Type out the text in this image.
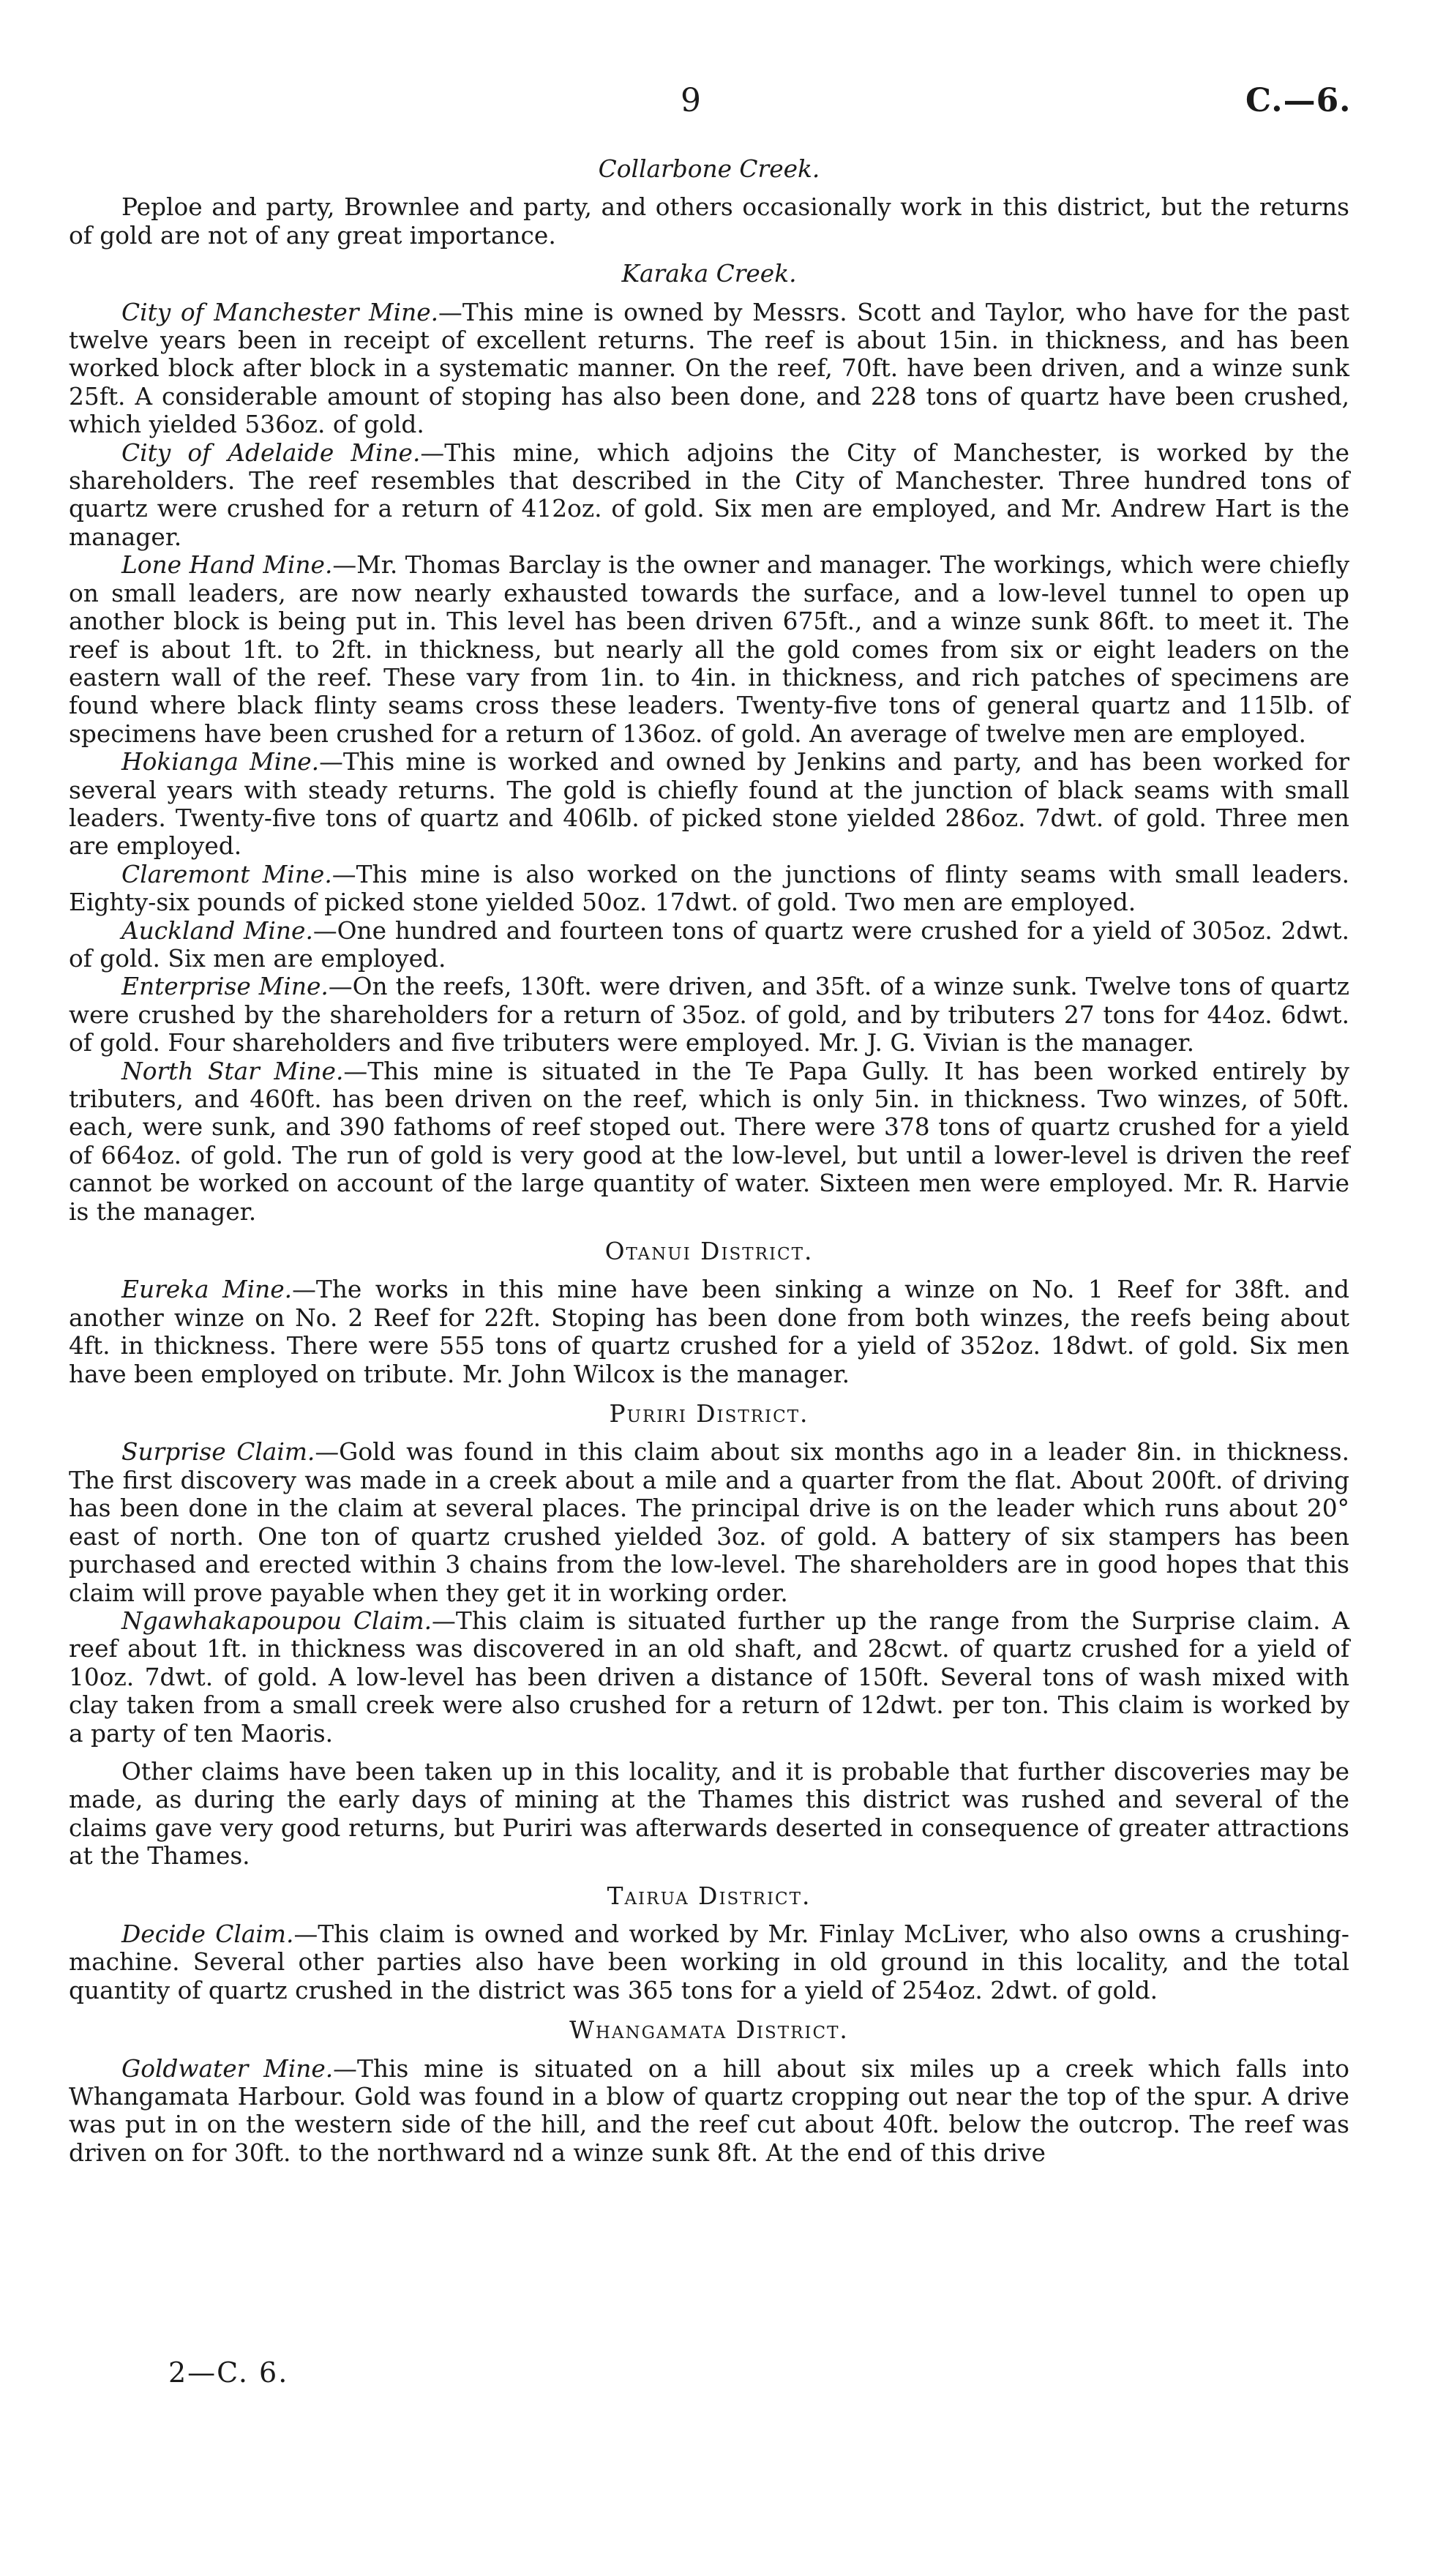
9	C.—6.
Collarbone Creek.

Peploe and party, Brownlee and party, and others occasionally work in this district, but the returns of gold are not of any great importance.

Karaka Creek.

City of Manchester Mine.—This mine is owned by Messrs. Scott and Taylor, who have for the past twelve years been in receipt of excellent returns. The reef is about 15in. in thickness, and has been worked block after block in a systematic manner. On the reef, 70ft. have been driven, and a winze sunk 25ft. A considerable amount of stoping has also been done, and 228 tons of quartz have been crushed, which yielded 536oz. of gold.

City of Adelaide Mine.—This mine, which adjoins the City of Manchester, is worked by the shareholders. The reef resembles that described in the City of Manchester. Three hundred tons of quartz were crushed for a return of 412oz. of gold. Six men are employed, and Mr. Andrew Hart is the manager.

Lone Hand Mine.—Mr. Thomas Barclay is the owner and manager. The workings, which were chiefly on small leaders, are now nearly exhausted towards the surface, and a low-level tunnel to open up another block is being put in. This level has been driven 675ft., and a winze sunk 86ft. to meet it. The reef is about 1ft. to 2ft. in thickness, but nearly all the gold comes from six or eight leaders on the eastern wall of the reef. These vary from 1in. to 4in. in thickness, and rich patches of specimens are found where black flinty seams cross these leaders. Twenty-five tons of general quartz and 115lb. of specimens have been crushed for a return of 136oz. of gold. An average of twelve men are employed.

Hokianga Mine.—This mine is worked and owned by Jenkins and party, and has been worked for several years with steady returns. The gold is chiefly found at the junction of black seams with small leaders. Twenty-five tons of quartz and 406lb. of picked stone yielded 286oz. 7dwt. of gold. Three men are employed.

Claremont Mine.—This mine is also worked on the junctions of flinty seams with small leaders. Eighty-six pounds of picked stone yielded 50oz. 17dwt. of gold. Two men are employed.

Auckland Mine.—One hundred and fourteen tons of quartz were crushed for a yield of 305oz. 2dwt. of gold. Six men are employed.

Enterprise Mine.—On the reefs, 130ft. were driven, and 35ft. of a winze sunk. Twelve tons of quartz were crushed by the shareholders for a return of 35oz. of gold, and by tributers 27 tons for 44oz. 6dwt. of gold. Four shareholders and five tributers were employed. Mr. J. G. Vivian is the manager.

North Star Mine.—This mine is situated in the Te Papa Gully. It has been worked entirely by tributers, and 460ft. has been driven on the reef, which is only 5in. in thickness. Two winzes, of 50ft. each, were sunk, and 390 fathoms of reef stoped out. There were 378 tons of quartz crushed for a yield of 664oz. of gold. The run of gold is very good at the low-level, but until a lower-level is driven the reef cannot be worked on account of the large quantity of water. Sixteen men were employed. Mr. R. Harvie is the manager.

Otanui District.

Eureka Mine.—The works in this mine have been sinking a winze on No. 1 Reef for 38ft. and another winze on No. 2 Reef for 22ft. Stoping has been done from both winzes, the reefs being about 4ft. in thickness. There were 555 tons of quartz crushed for a yield of 352oz. 18dwt. of gold. Six men have been employed on tribute. Mr. John Wilcox is the manager.

Puriri District.

Surprise Claim.—Gold was found in this claim about six months ago in a leader 8in. in thickness. The first discovery was made in a creek about a mile and a quarter from the flat. About 200ft. of driving has been done in the claim at several places. The principal drive is on the leader which runs about 20° east of north. One ton of quartz crushed yielded 3oz. of gold. A battery of six stampers has been purchased and erected within 3 chains from the low-level. The shareholders are in good hopes that this claim will prove payable when they get it in working order.

Ngawhakapoupou Claim.—This claim is situated further up the range from the Surprise claim. A reef about 1ft. in thickness was discovered in an old shaft, and 28cwt. of quartz crushed for a yield of 10oz. 7dwt. of gold. A low-level has been driven a distance of 150ft. Several tons of wash mixed with clay taken from a small creek were also crushed for a return of 12dwt. per ton. This claim is worked by a party of ten Maoris.

Other claims have been taken up in this locality, and it is probable that further discoveries may be made, as during the early days of mining at the Thames this district was rushed and several of the claims gave very good returns, but Puriri was afterwards deserted in consequence of greater attractions at the Thames.

Tairua District.

Decide Claim.—This claim is owned and worked by Mr. Finlay McLiver, who also owns a crushing-machine. Several other parties also have been working in old ground in this locality, and the total quantity of quartz crushed in the district was 365 tons for a yield of 254oz. 2dwt. of gold.

Whangamata District.

Goldwater Mine.—This mine is situated on a hill about six miles up a creek which falls into Whangamata Harbour. Gold was found in a blow of quartz cropping out near the top of the spur. A drive was put in on the western side of the hill, and the reef cut about 40ft. below the outcrop. The reef was driven on for 30ft. to the northward nd a winze sunk 8ft. At the end of this drive

2—C. 6.
